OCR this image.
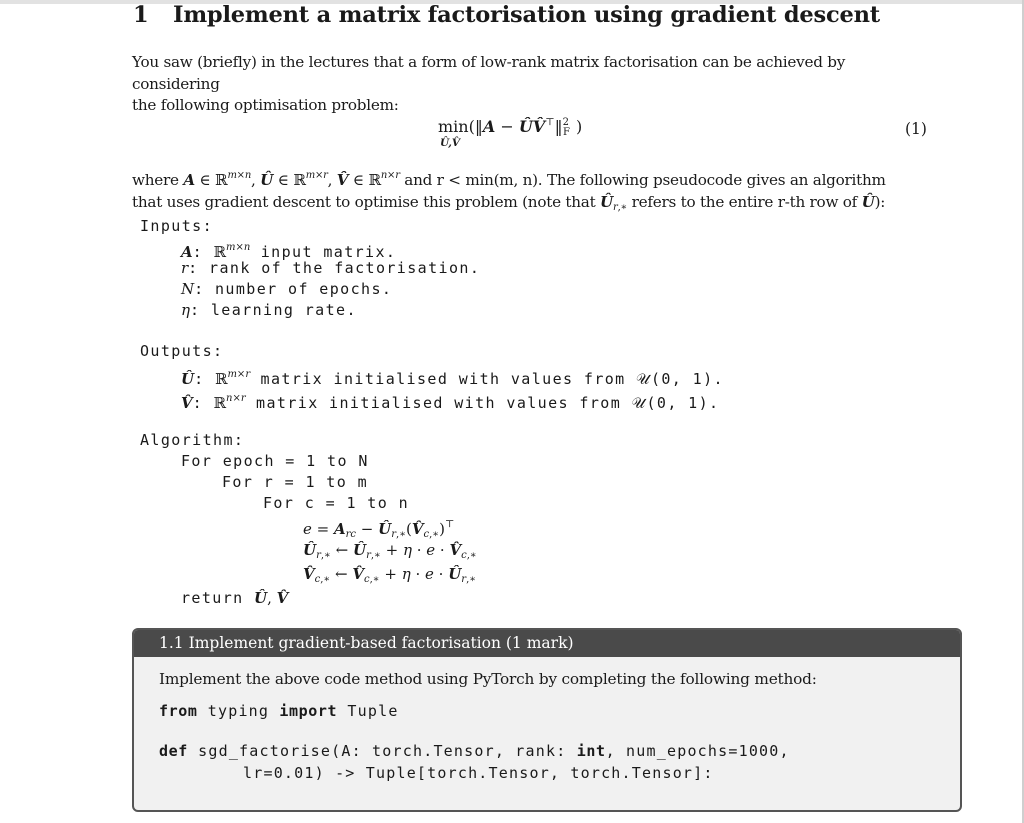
1 Implement a matrix factorisation using gradient descent
You saw (briefly) in the lectures that a form of low-rank matrix factorisation can be achieved by considering
the following optimisation problem:
min(‖A − ÛV̂⊤‖$^2$F )
Û,V̂
(1)
where A ∈ ℝ$^{m\times n}$, Û ∈ ℝ$^{m\times r}$, V̂ ∈ ℝ$^{n\times r}$ and r < min(m, n). The following pseudocode gives an algorithm
that uses gradient descent to optimise this problem (note that $Û_{r,∗}$ refers to the entire r-th row of Û):
Inputs:
A: ℝ$^{m\times n}$ input matrix.
r: rank of the factorisation.
N: number of epochs.
η: learning rate.
Outputs:
Û: ℝ$^{m\times r}$ matrix initialised with values from 𝒰(0, 1).
V̂: ℝ$^{n\times r}$ matrix initialised with values from 𝒰(0, 1).
Algorithm:
For epoch = 1 to N
For r = 1 to m
For c = 1 to n
$e = A_{rc}$ − $Û_{r,∗}(V̂_{c,∗})^⊤$
$Û_{r,∗}$ ← $Û_{r,∗} + \eta \cdot e$ · $V̂_{c,∗}$
$V̂_{c,∗}$ ← $V̂_{c,∗} + \eta \cdot e$ · $Û_{r,∗}$
return Û, V̂
1.1 Implement gradient-based factorisation (1 mark)
Implement the above code method using PyTorch by completing the following method:
from typing import Tuple
def sgd_factorise(A: torch.Tensor, rank: int, num_epochs=1000,
lr=0.01) -> Tuple[torch.Tensor, torch.Tensor]:
